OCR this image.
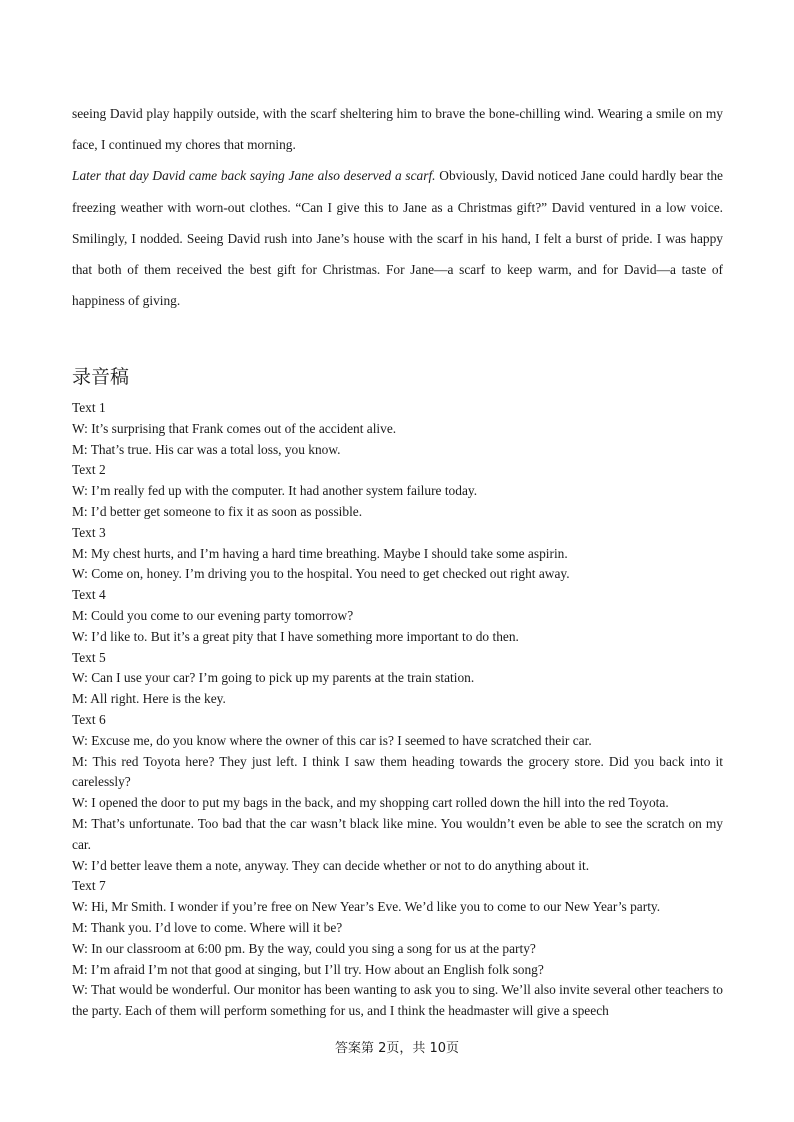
seeing David play happily outside, with the scarf sheltering him to brave the bone-chilling wind. Wearing a smile on my face, I continued my chores that morning.

Later that day David came back saying Jane also deserved a scarf. Obviously, David noticed Jane could hardly bear the freezing weather with worn-out clothes. “Can I give this to Jane as a Christmas gift?” David ventured in a low voice. Smilingly, I nodded. Seeing David rush into Jane’s house with the scarf in his hand, I felt a burst of pride. I was happy that both of them received the best gift for Christmas. For Jane—a scarf to keep warm, and for David—a taste of happiness of giving.

录音稿
Text 1
W: It’s surprising that Frank comes out of the accident alive.
M: That’s true. His car was a total loss, you know.
Text 2
W: I’m really fed up with the computer. It had another system failure today.
M: I’d better get someone to fix it as soon as possible.
Text 3
M: My chest hurts, and I’m having a hard time breathing. Maybe I should take some aspirin.
W: Come on, honey. I’m driving you to the hospital. You need to get checked out right away.
Text 4
M: Could you come to our evening party tomorrow?
W: I’d like to. But it’s a great pity that I have something more important to do then.
Text 5
W: Can I use your car? I’m going to pick up my parents at the train station.
M: All right. Here is the key.
Text 6
W: Excuse me, do you know where the owner of this car is? I seemed to have scratched their car.
M: This red Toyota here? They just left. I think I saw them heading towards the grocery store. Did you back into it carelessly?
W: I opened the door to put my bags in the back, and my shopping cart rolled down the hill into the red Toyota.
M: That’s unfortunate. Too bad that the car wasn’t black like mine. You wouldn’t even be able to see the scratch on my car.
W: I’d better leave them a note, anyway. They can decide whether or not to do anything about it.
Text 7
W: Hi, Mr Smith. I wonder if you’re free on New Year’s Eve. We’d like you to come to our New Year’s party.
M: Thank you. I’d love to come. Where will it be?
W: In our classroom at 6:00 pm. By the way, could you sing a song for us at the party?
M: I’m afraid I’m not that good at singing, but I’ll try. How about an English folk song?
W: That would be wonderful. Our monitor has been wanting to ask you to sing. We’ll also invite several other teachers to the party. Each of them will perform something for us, and I think the headmaster will give a speech
答案第 2页，共 10页
